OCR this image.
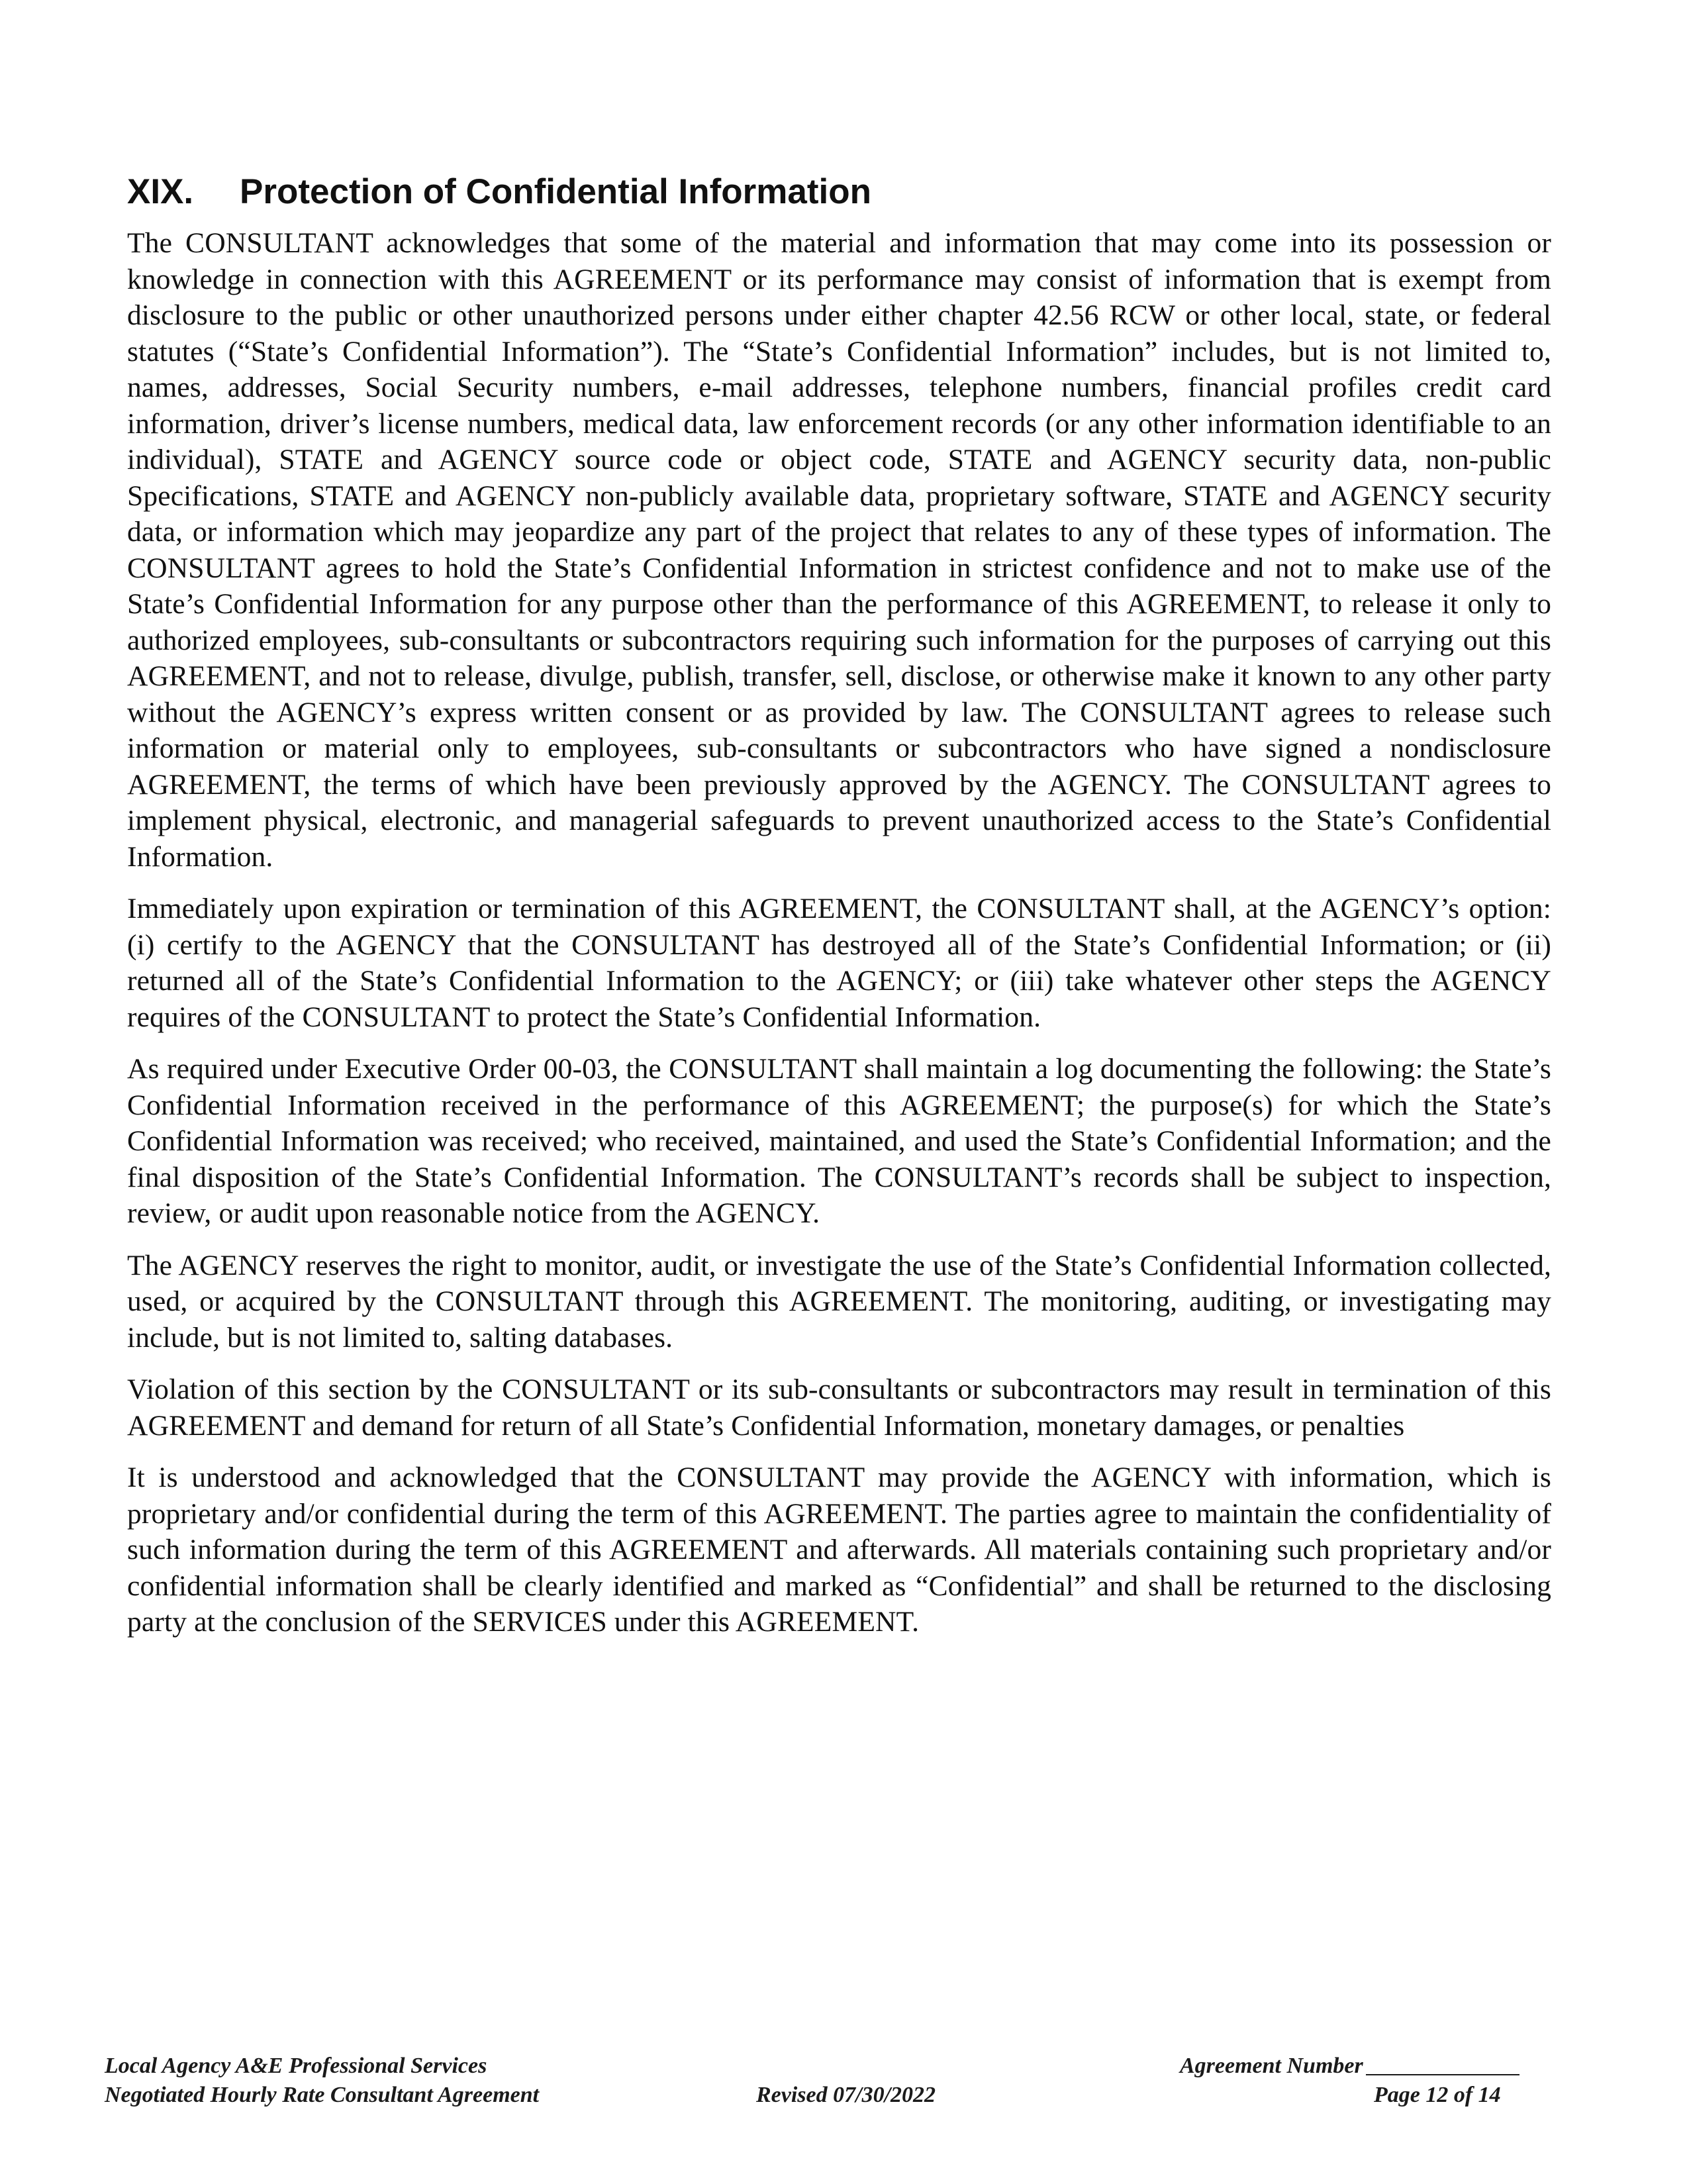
XIX. Protection of Confidential Information

The CONSULTANT acknowledges that some of the material and information that may come into its possession or knowledge in connection with this AGREEMENT or its performance may consist of information that is exempt from disclosure to the public or other unauthorized persons under either chapter 42.56 RCW or other local, state, or federal statutes (“State’s Confidential Information”). The “State’s Confidential Information” includes, but is not limited to, names, addresses, Social Security numbers, e-mail addresses, telephone numbers, financial profiles credit card information, driver’s license numbers, medical data, law enforcement records (or any other information identifiable to an individual), STATE and AGENCY source code or object code, STATE and AGENCY security data, non-public Specifications, STATE and AGENCY non-publicly available data, proprietary software, STATE and AGENCY security data, or information which may jeopardize any part of the project that relates to any of these types of information. The CONSULTANT agrees to hold the State’s Confidential Information in strictest confidence and not to make use of the State’s Confidential Information for any purpose other than the performance of this AGREEMENT, to release it only to authorized employees, sub-consultants or subcontractors requiring such information for the purposes of carrying out this AGREEMENT, and not to release, divulge, publish, transfer, sell, disclose, or otherwise make it known to any other party without the AGENCY’s express written consent or as provided by law. The CONSULTANT agrees to release such information or material only to employees, sub-consultants or subcontractors who have signed a nondisclosure AGREEMENT, the terms of which have been previously approved by the AGENCY. The CONSULTANT agrees to implement physical, electronic, and managerial safeguards to prevent unauthorized access to the State’s Confidential Information.

Immediately upon expiration or termination of this AGREEMENT, the CONSULTANT shall, at the AGENCY’s option: (i) certify to the AGENCY that the CONSULTANT has destroyed all of the State’s Confidential Information; or (ii) returned all of the State’s Confidential Information to the AGENCY; or (iii) take whatever other steps the AGENCY requires of the CONSULTANT to protect the State’s Confidential Information.

As required under Executive Order 00-03, the CONSULTANT shall maintain a log documenting the following: the State’s Confidential Information received in the performance of this AGREEMENT; the purpose(s) for which the State’s Confidential Information was received; who received, maintained, and used the State’s Confidential Information; and the final disposition of the State’s Confidential Information. The CONSULTANT’s records shall be subject to inspection, review, or audit upon reasonable notice from the AGENCY.

The AGENCY reserves the right to monitor, audit, or investigate the use of the State’s Confidential Information collected, used, or acquired by the CONSULTANT through this AGREEMENT. The monitoring, auditing, or investigating may include, but is not limited to, salting databases.

Violation of this section by the CONSULTANT or its sub-consultants or subcontractors may result in termination of this AGREEMENT and demand for return of all State’s Confidential Information, monetary damages, or penalties

It is understood and acknowledged that the CONSULTANT may provide the AGENCY with information, which is proprietary and/or confidential during the term of this AGREEMENT. The parties agree to maintain the confidentiality of such information during the term of this AGREEMENT and afterwards. All materials containing such proprietary and/or confidential information shall be clearly identified and marked as “Confidential” and shall be returned to the disclosing party at the conclusion of the SERVICES under this AGREEMENT.

Local Agency A&E Professional Services
Negotiated Hourly Rate Consultant Agreement	Revised 07/30/2022
Agreement Number
Page 12 of 14
